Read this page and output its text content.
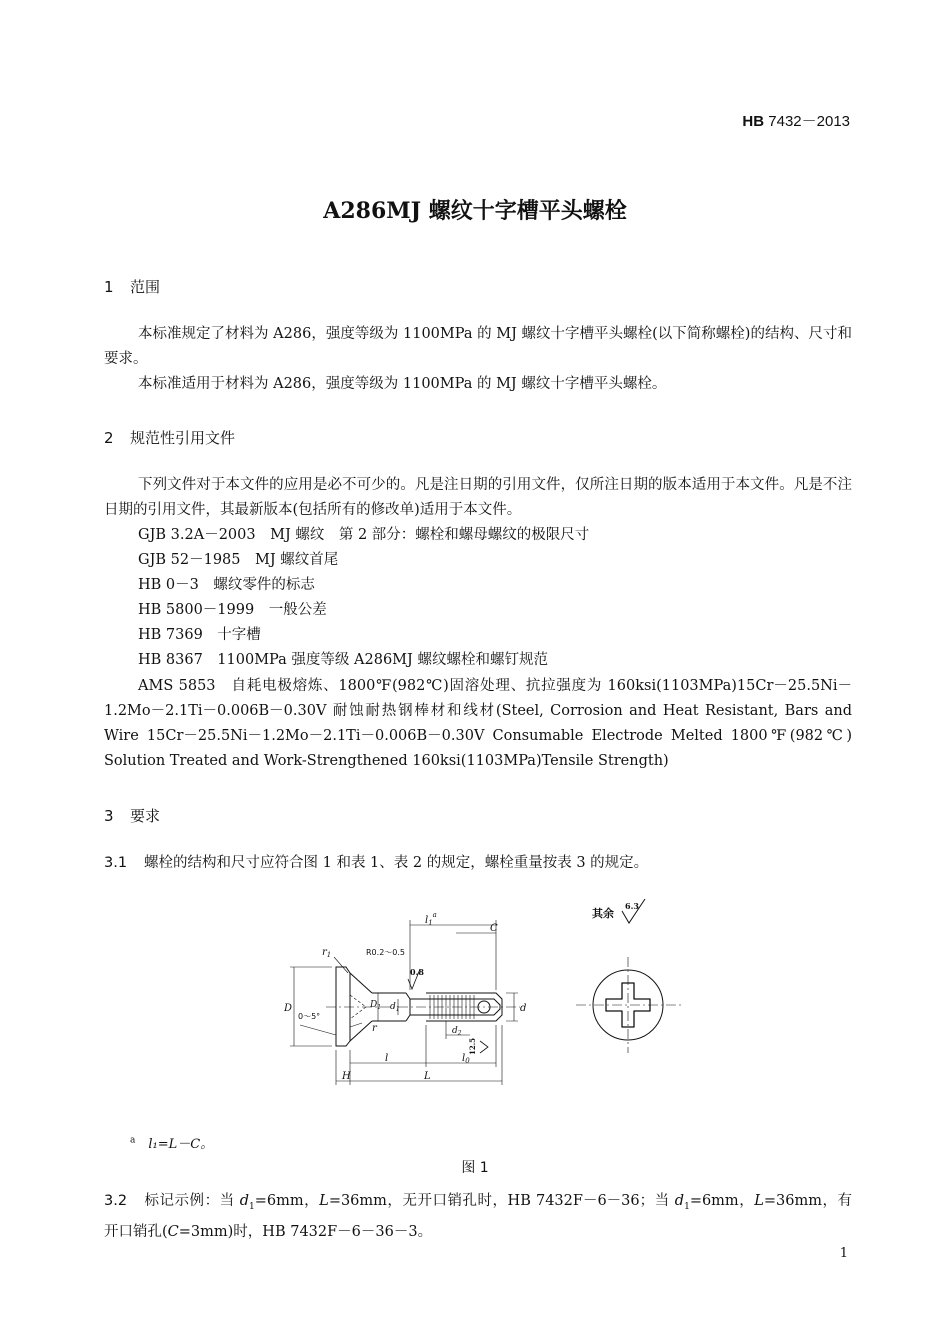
HB 7432－2013
A286MJ 螺纹十字槽平头螺栓
1 范围

本标准规定了材料为 A286，强度等级为 1100MPa 的 MJ 螺纹十字槽平头螺栓(以下简称螺栓)的结构、尺寸和要求。

本标准适用于材料为 A286，强度等级为 1100MPa 的 MJ 螺纹十字槽平头螺栓。

2 规范性引用文件

下列文件对于本文件的应用是必不可少的。凡是注日期的引用文件，仅所注日期的版本适用于本文件。凡是不注日期的引用文件，其最新版本(包括所有的修改单)适用于本文件。

GJB 3.2A－2003　MJ 螺纹　第 2 部分：螺栓和螺母螺纹的极限尺寸
GJB 52－1985　MJ 螺纹首尾
HB 0－3　螺纹零件的标志
HB 5800－1999　一般公差
HB 7369　十字槽
HB 8367　1100MPa 强度等级 A286MJ 螺纹螺栓和螺钉规范

AMS 5853　自耗电极熔炼、1800℉(982℃)固溶处理、抗拉强度为 160ksi(1103MPa)15Cr－25.5Ni－1.2Mo－2.1Ti－0.006B－0.30V 耐蚀耐热钢棒材和线材(Steel, Corrosion and Heat Resistant, Bars and Wire 15Cr－25.5Ni－1.2Mo－2.1Ti－0.006B－0.30V Consumable Electrode Melted 1800℉(982℃) Solution Treated and Work-Strengthened 160ksi(1103MPa)Tensile Strength)

3 要求
3.1 螺栓的结构和尺寸应符合图 1 和表 1、表 2 的规定，螺栓重量按表 3 的规定。
其余
6.3
$l_1^a$
C
$r_1$	R0.2～0.5
0.8
D	$D_1$ $d_1$	d
0～5°
r	$d_2$
12.5
l	$l_0$
H	L
$^a$　 l₁=L－C。
图 1
3.2 标记示例：当 $d_1=6mm$，L=36mm，无开口销孔时，HB 7432F－6－36；当 $d_1=6mm$，L=36mm，有开口销孔(C=3mm)时，HB 7432F－6－36－3。
1
